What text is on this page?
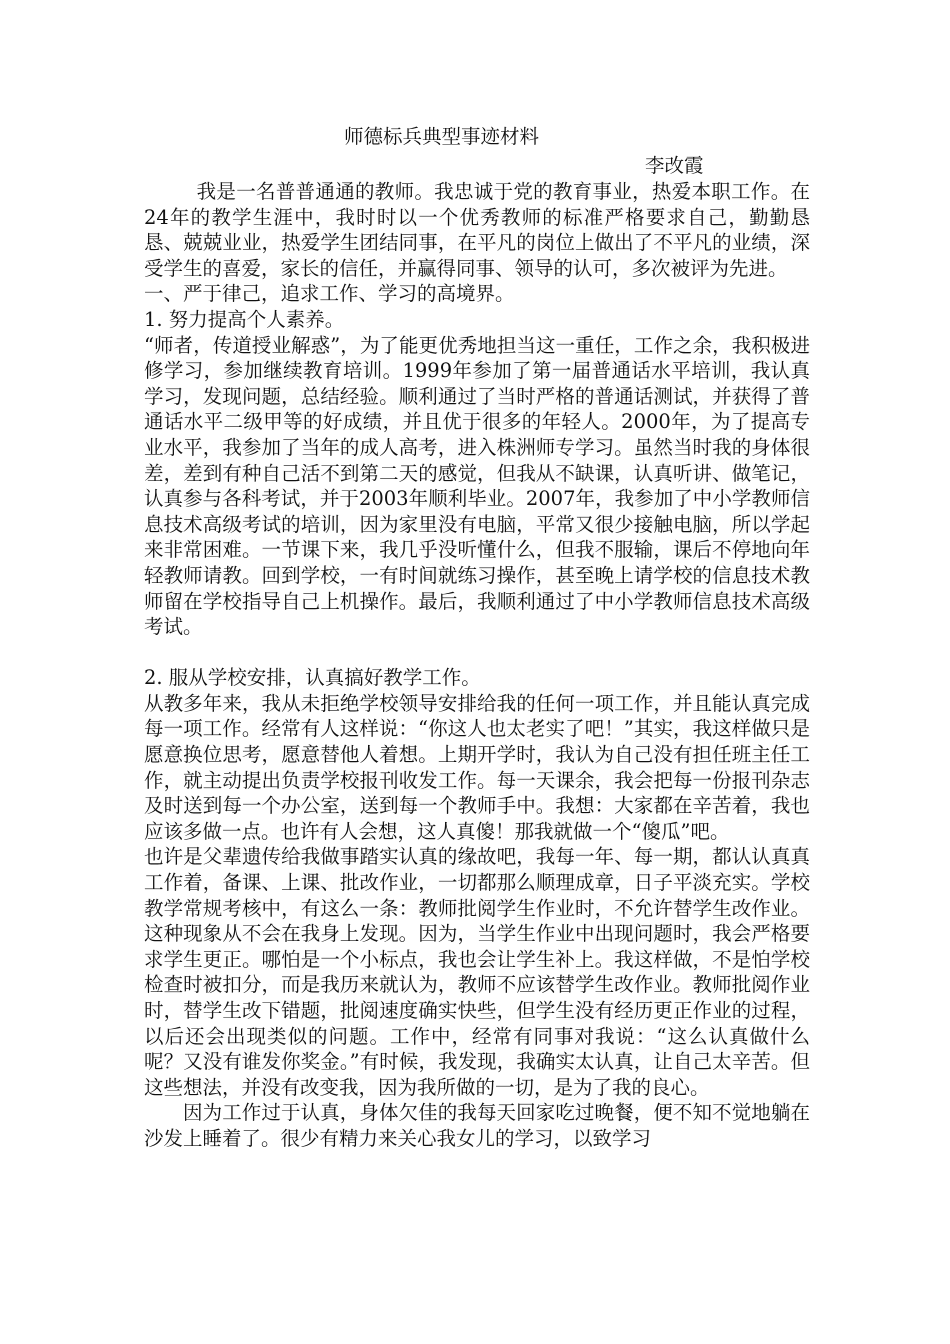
师德标兵典型事迹材料

李改霞

我是一名普普通通的教师。我忠诚于党的教育事业，热爱本职工作。在24年的教学生涯中，我时时以一个优秀教师的标准严格要求自己，勤勤恳恳、兢兢业业，热爱学生团结同事，在平凡的岗位上做出了不平凡的业绩，深受学生的喜爱，家长的信任，并赢得同事、领导的认可，多次被评为先进。

一、严于律己，追求工作、学习的高境界。

1. 努力提高个人素养。

“师者，传道授业解惑”，为了能更优秀地担当这一重任，工作之余，我积极进修学习，参加继续教育培训。1999年参加了第一届普通话水平培训，我认真学习，发现问题，总结经验。顺利通过了当时严格的普通话测试，并获得了普通话水平二级甲等的好成绩，并且优于很多的年轻人。2000年，为了提高专业水平，我参加了当年的成人高考，进入株洲师专学习。虽然当时我的身体很差，差到有种自己活不到第二天的感觉，但我从不缺课，认真听讲、做笔记，认真参与各科考试，并于2003年顺利毕业。2007年，我参加了中小学教师信息技术高级考试的培训，因为家里没有电脑，平常又很少接触电脑，所以学起来非常困难。一节课下来，我几乎没听懂什么，但我不服输，课后不停地向年轻教师请教。回到学校，一有时间就练习操作，甚至晚上请学校的信息技术教师留在学校指导自己上机操作。最后，我顺利通过了中小学教师信息技术高级考试。

2. 服从学校安排，认真搞好教学工作。

从教多年来，我从未拒绝学校领导安排给我的任何一项工作，并且能认真完成每一项工作。经常有人这样说：“你这人也太老实了吧！”其实，我这样做只是愿意换位思考，愿意替他人着想。上期开学时，我认为自己没有担任班主任工作，就主动提出负责学校报刊收发工作。每一天课余，我会把每一份报刊杂志及时送到每一个办公室，送到每一个教师手中。我想：大家都在辛苦着，我也应该多做一点。也许有人会想，这人真傻！那我就做一个“傻瓜”吧。

也许是父辈遗传给我做事踏实认真的缘故吧，我每一年、每一期，都认认真真工作着，备课、上课、批改作业，一切都那么顺理成章，日子平淡充实。学校教学常规考核中，有这么一条：教师批阅学生作业时，不允许替学生改作业。这种现象从不会在我身上发现。因为，当学生作业中出现问题时，我会严格要求学生更正。哪怕是一个小标点，我也会让学生补上。我这样做，不是怕学校检查时被扣分，而是我历来就认为，教师不应该替学生改作业。教师批阅作业时，替学生改下错题，批阅速度确实快些，但学生没有经历更正作业的过程，以后还会出现类似的问题。工作中，经常有同事对我说：“这么认真做什么呢？又没有谁发你奖金。”有时候，我发现，我确实太认真，让自己太辛苦。但这些想法，并没有改变我，因为我所做的一切，是为了我的良心。

因为工作过于认真，身体欠佳的我每天回家吃过晚餐，便不知不觉地躺在沙发上睡着了。很少有精力来关心我女儿的学习，以致学习
